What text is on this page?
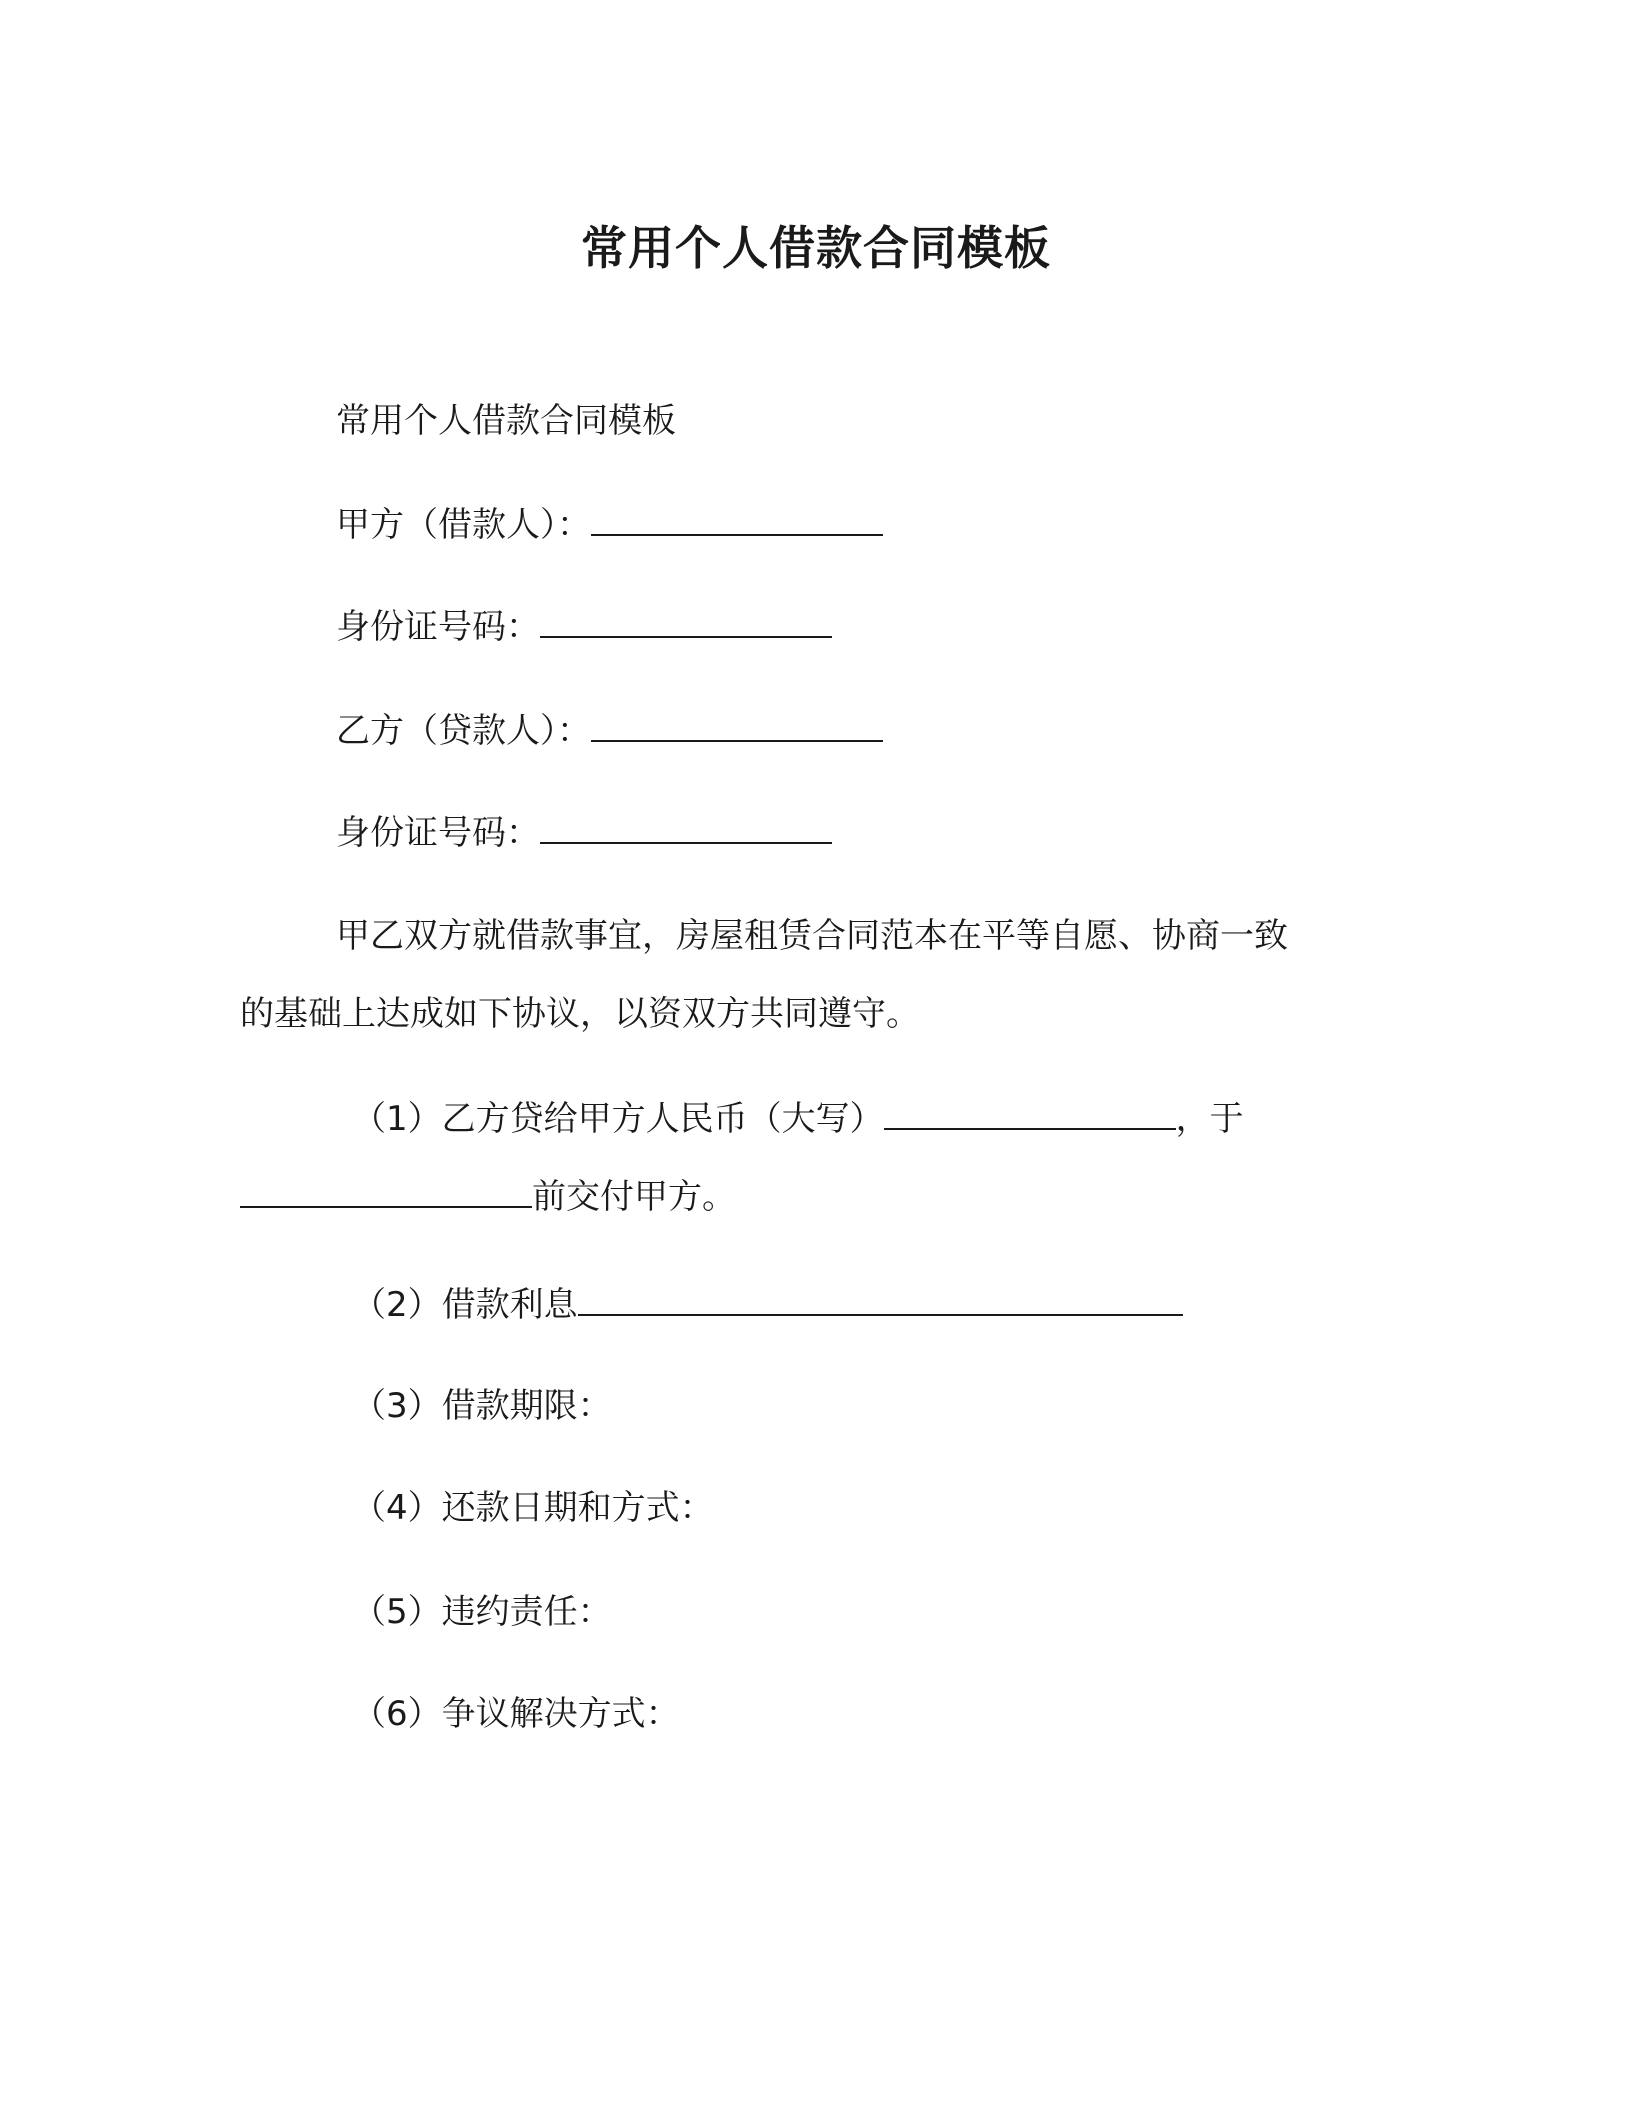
常用个人借款合同模板
常用个人借款合同模板
甲方（借款人）：
身份证号码：
乙方（贷款人）：
身份证号码：
甲乙双方就借款事宜，房屋租赁合同范本在平等自愿、协商一致
的基础上达成如下协议，以资双方共同遵守。
（1）乙方贷给甲方人民币（大写）	，于
前交付甲方。
（2）借款利息
（3）借款期限：
（4）还款日期和方式：
（5）违约责任：
（6）争议解决方式：
